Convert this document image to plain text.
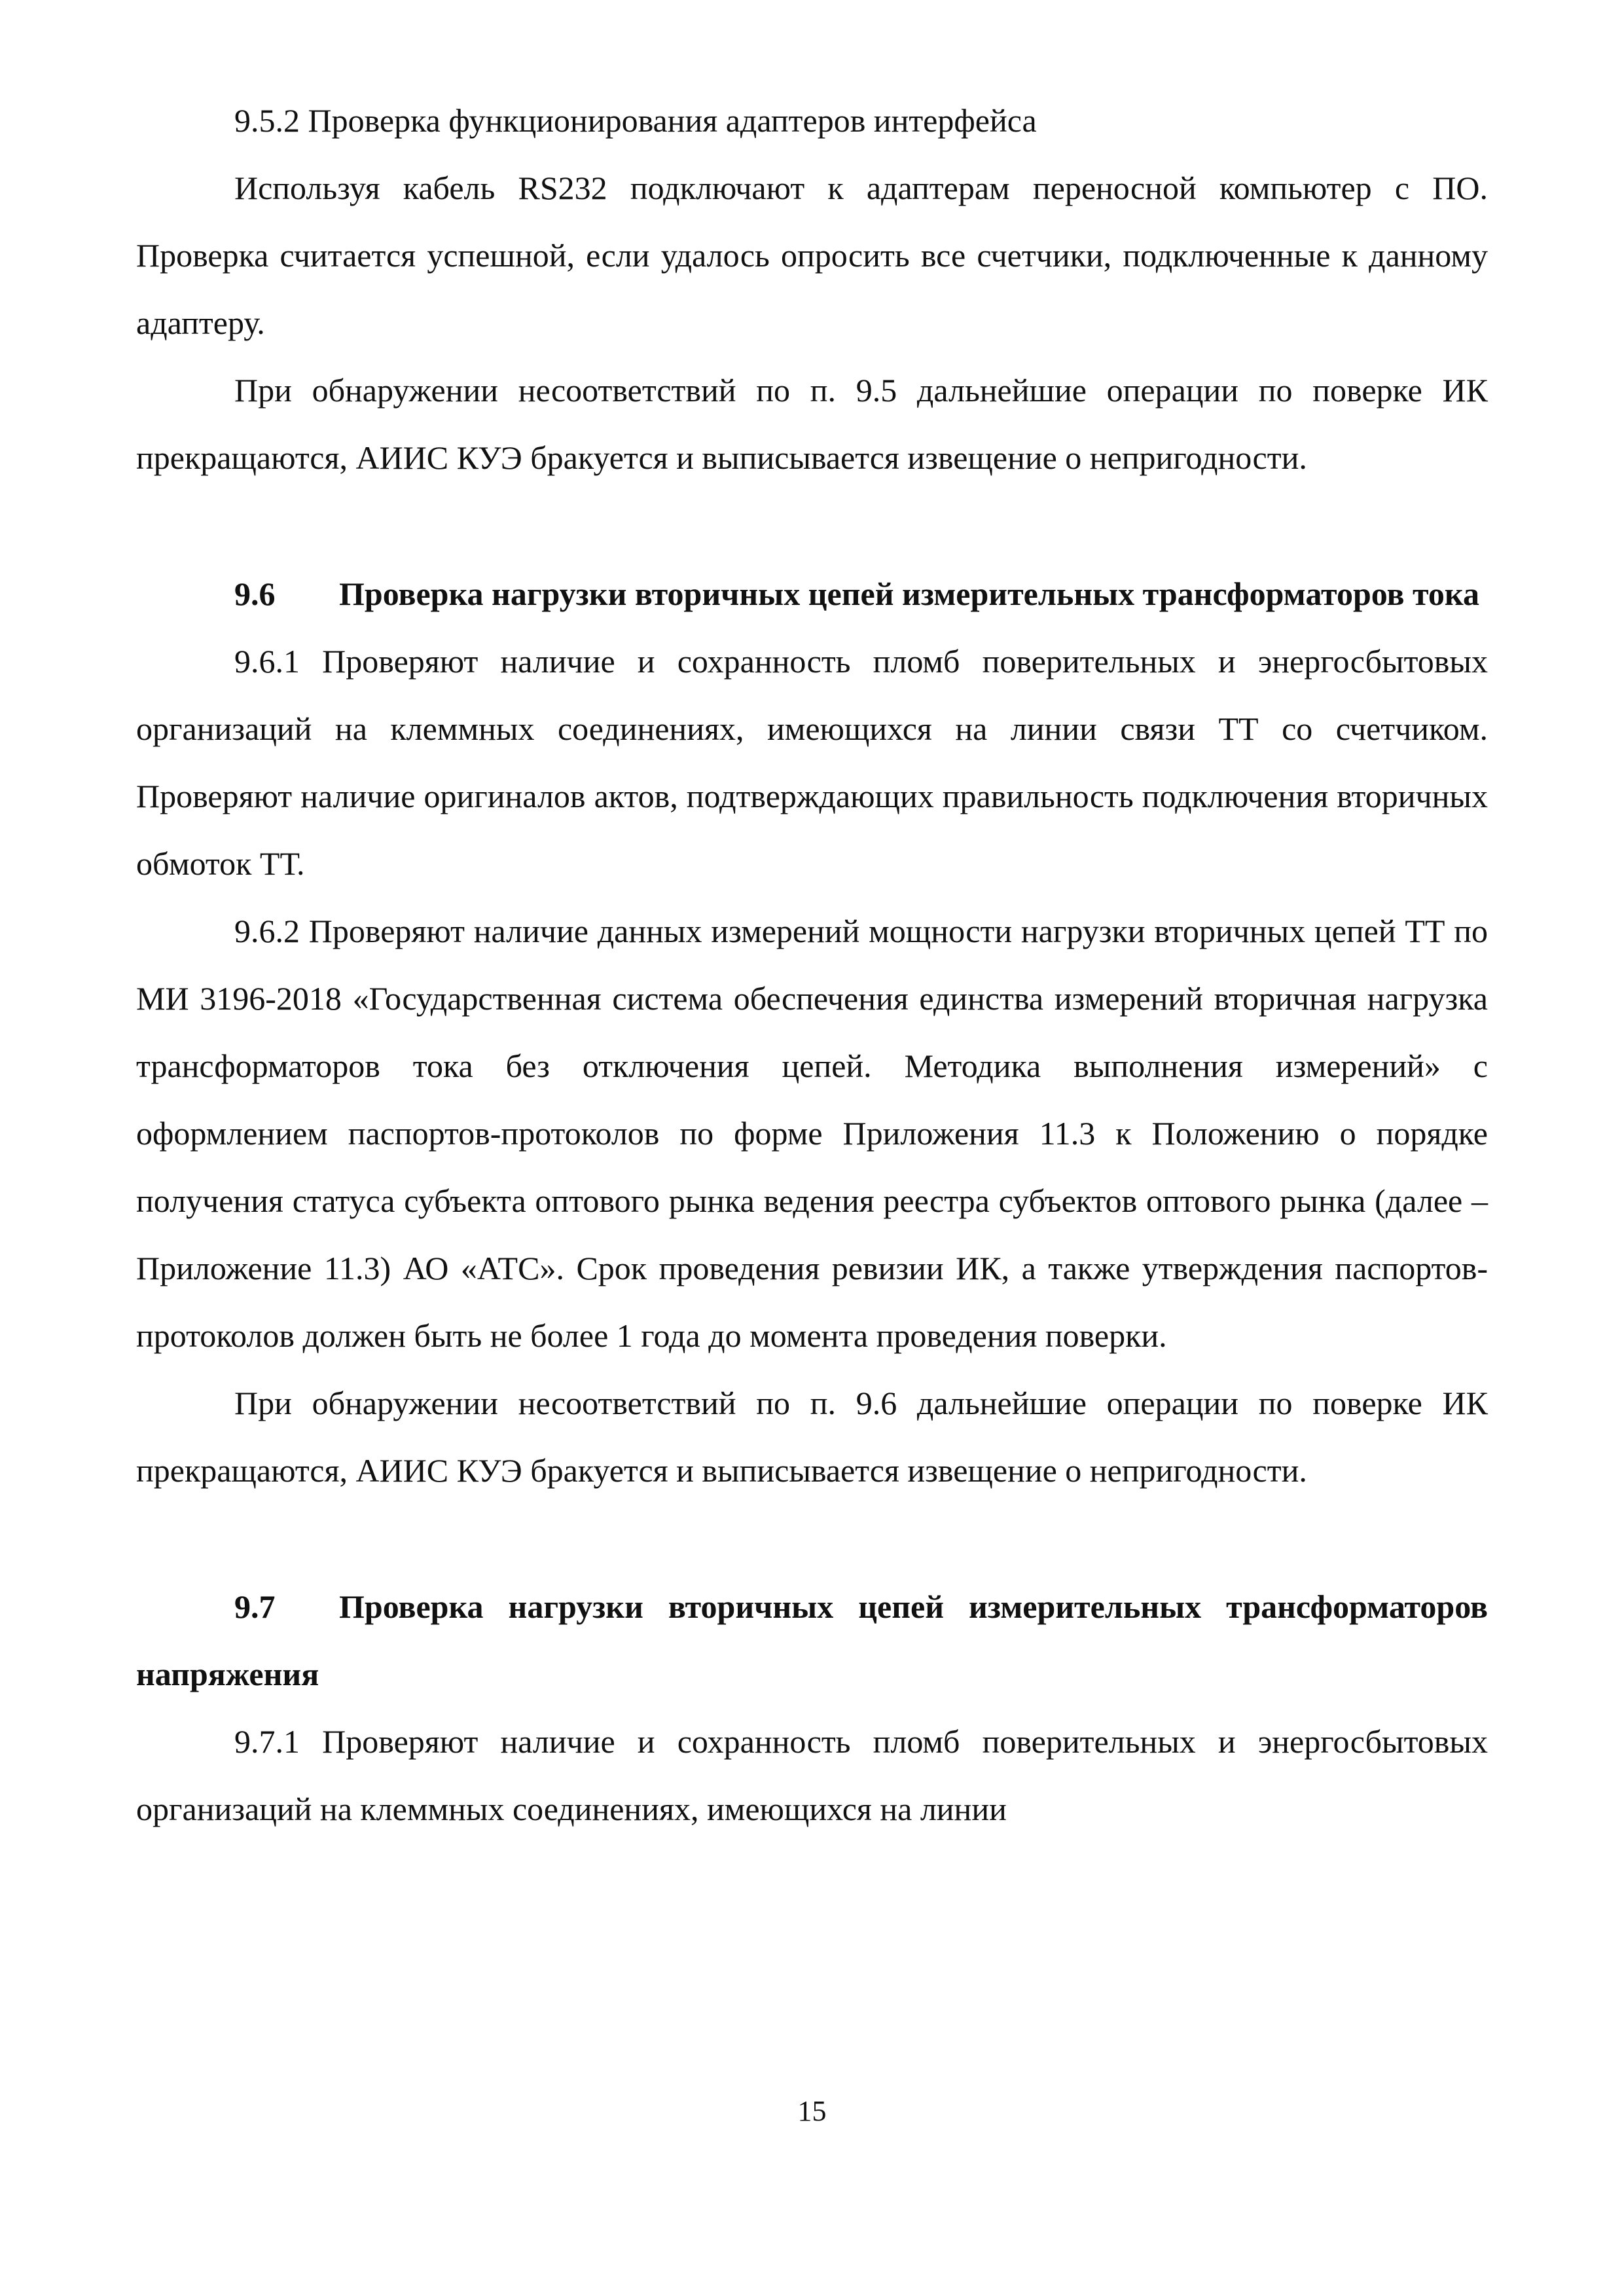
9.5.2 Проверка функционирования адаптеров интерфейса

Используя кабель RS232 подключают к адаптерам переносной компьютер с ПО. Проверка считается успешной, если удалось опросить все счетчики, подключенные к данному адаптеру.

При обнаружении несоответствий по п. 9.5 дальнейшие операции по поверке ИК прекращаются, АИИС КУЭ бракуется и выписывается извещение о непригодности.

9.6 Проверка нагрузки вторичных цепей измерительных трансформаторов тока

9.6.1 Проверяют наличие и сохранность пломб поверительных и энергосбытовых организаций на клеммных соединениях, имеющихся на линии связи ТТ со счетчиком. Проверяют наличие оригиналов актов, подтверждающих правильность подключения вторичных обмоток ТТ.

9.6.2 Проверяют наличие данных измерений мощности нагрузки вторичных цепей ТТ по МИ 3196-2018 «Государственная система обеспечения единства измерений вторичная нагрузка трансформаторов тока без отключения цепей. Методика выполнения измерений» с оформлением паспортов-протоколов по форме Приложения 11.3 к Положению о порядке получения статуса субъекта оптового рынка ведения реестра субъектов оптового рынка (далее – Приложение 11.3) АО «АТС». Срок проведения ревизии ИК, а также утверждения паспортов-протоколов должен быть не более 1 года до момента проведения поверки.

При обнаружении несоответствий по п. 9.6 дальнейшие операции по поверке ИК прекращаются, АИИС КУЭ бракуется и выписывается извещение о непригодности.

9.7 Проверка нагрузки вторичных цепей измерительных трансформаторов напряжения

9.7.1 Проверяют наличие и сохранность пломб поверительных и энергосбытовых организаций на клеммных соединениях, имеющихся на линии

15
